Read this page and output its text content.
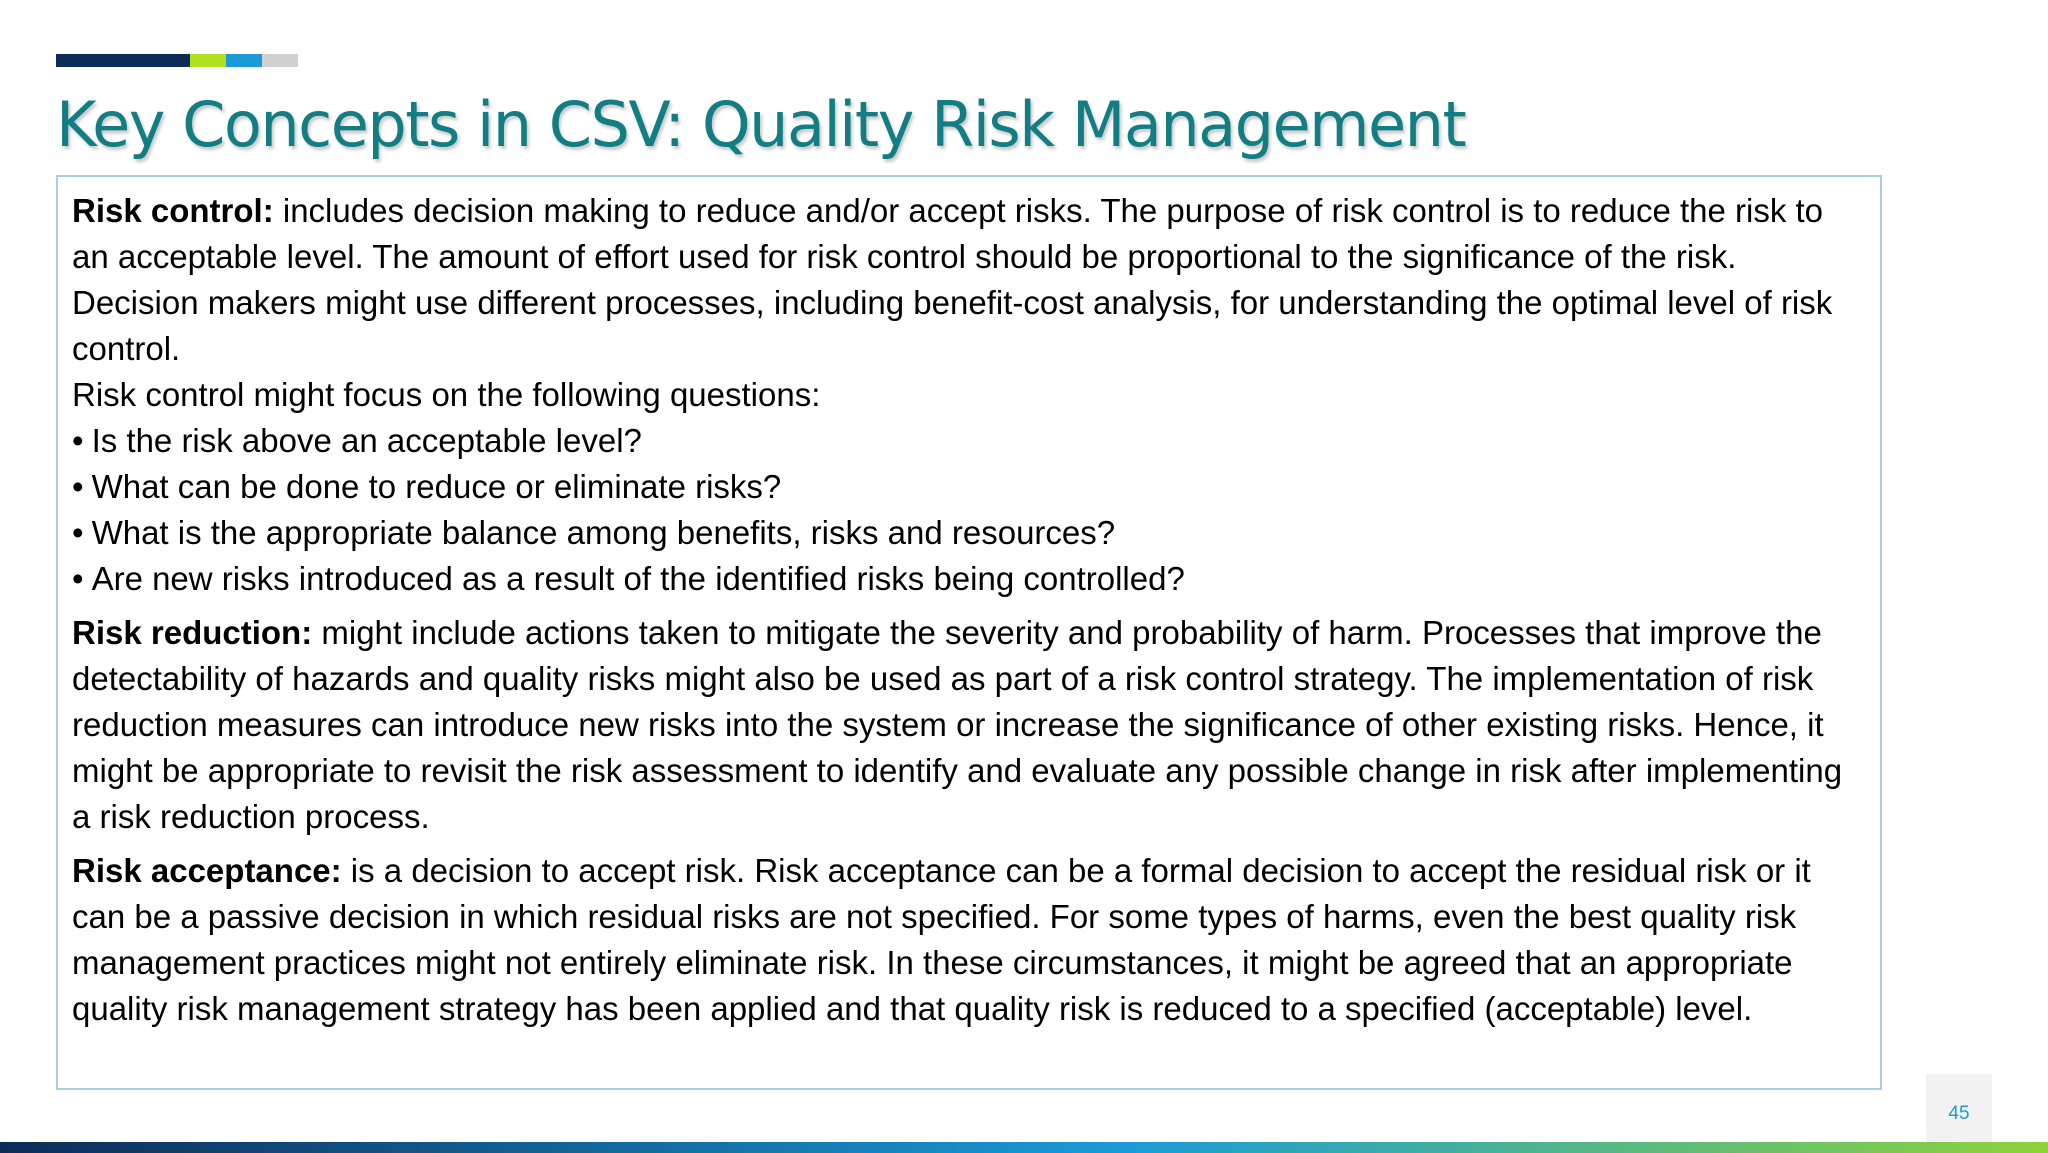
Key Concepts in CSV: Quality Risk Management
Risk control: includes decision making to reduce and/or accept risks. The purpose of risk control is to reduce the risk to an acceptable level. The amount of effort used for risk control should be proportional to the significance of the risk. Decision makers might use different processes, including benefit-cost analysis, for understanding the optimal level of risk control.
Risk control might focus on the following questions:
• Is the risk above an acceptable level?
• What can be done to reduce or eliminate risks?
• What is the appropriate balance among benefits, risks and resources?
• Are new risks introduced as a result of the identified risks being controlled?

Risk reduction: might include actions taken to mitigate the severity and probability of harm. Processes that improve the detectability of hazards and quality risks might also be used as part of a risk control strategy. The implementation of risk reduction measures can introduce new risks into the system or increase the significance of other existing risks. Hence, it might be appropriate to revisit the risk assessment to identify and evaluate any possible change in risk after implementing a risk reduction process.

Risk acceptance: is a decision to accept risk. Risk acceptance can be a formal decision to accept the residual risk or it can be a passive decision in which residual risks are not specified. For some types of harms, even the best quality risk management practices might not entirely eliminate risk. In these circumstances, it might be agreed that an appropriate quality risk management strategy has been applied and that quality risk is reduced to a specified (acceptable) level.

45
